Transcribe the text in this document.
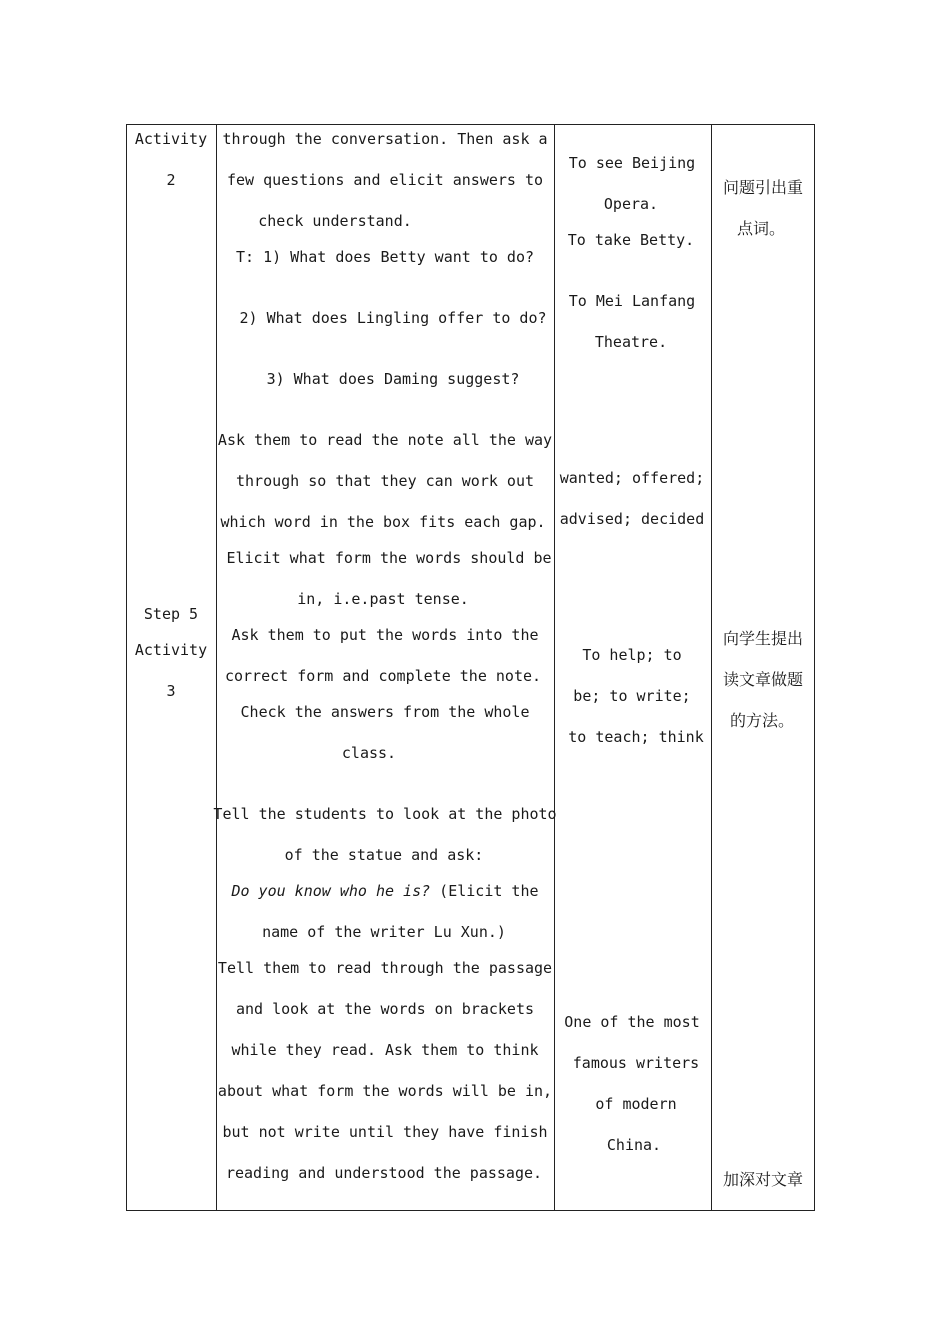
Activity
2
Step 5
Activity
3
through the conversation. Then ask a
few questions and elicit answers to
check understand.
T: 1) What does Betty want to do?
2) What does Lingling offer to do?
3) What does Daming suggest?
Ask them to read the note all the way
through so that they can work out
which word in the box fits each gap.
Elicit what form the words should be
in, i.e.past tense.
Ask them to put the words into the
correct form and complete the note.
Check the answers from the whole
class.
Tell the students to look at the photo
of the statue and ask:
Do you know who he is? (Elicit the
name of the writer Lu Xun.)
Tell them to read through the passage
and look at the words on brackets
while they read. Ask them to think
about what form the words will be in,
but not write until they have finish
reading and understood the passage.
To see Beijing
Opera.
To take Betty.
To Mei Lanfang
Theatre.
wanted; offered;
advised; decided
To help; to
be; to write;
to teach; think
One of the most
famous writers
of modern
China.
问题引出重
点词。
向学生提出
读文章做题
的方法。
加深对文章
